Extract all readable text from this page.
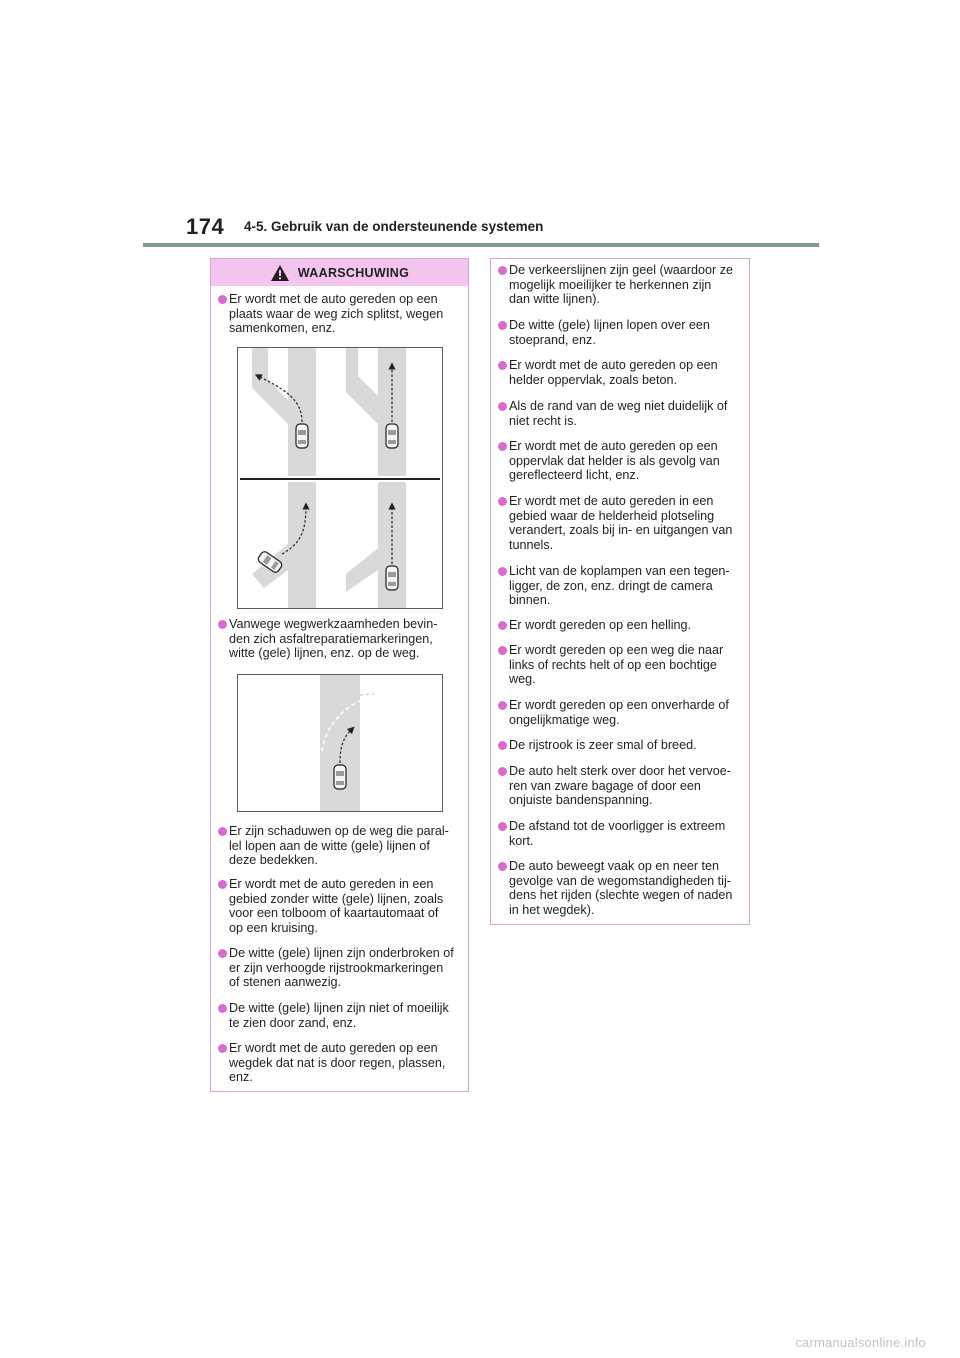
174 4-5. Gebruik van de ondersteunende systemen
WAARSCHUWING
Er wordt met de auto gereden op een
plaats waar de weg zich splitst, wegen
samenkomen, enz.
Vanwege wegwerkzaamheden bevin-
den zich asfaltreparatiemarkeringen,
witte (gele) lijnen, enz. op de weg.
Er zijn schaduwen op de weg die paral-
lel lopen aan de witte (gele) lijnen of
deze bedekken.
Er wordt met de auto gereden in een
gebied zonder witte (gele) lijnen, zoals
voor een tolboom of kaartautomaat of
op een kruising.
De witte (gele) lijnen zijn onderbroken of
er zijn verhoogde rijstrookmarkeringen
of stenen aanwezig.
De witte (gele) lijnen zijn niet of moeilijk
te zien door zand, enz.
Er wordt met de auto gereden op een
wegdek dat nat is door regen, plassen,
enz.
De verkeerslijnen zijn geel (waardoor ze
mogelijk moeilijker te herkennen zijn
dan witte lijnen).
De witte (gele) lijnen lopen over een
stoeprand, enz.
Er wordt met de auto gereden op een
helder oppervlak, zoals beton.
Als de rand van de weg niet duidelijk of
niet recht is.
Er wordt met de auto gereden op een
oppervlak dat helder is als gevolg van
gereflecteerd licht, enz.
Er wordt met de auto gereden in een
gebied waar de helderheid plotseling
verandert, zoals bij in- en uitgangen van
tunnels.
Licht van de koplampen van een tegen-
ligger, de zon, enz. dringt de camera
binnen.
Er wordt gereden op een helling.
Er wordt gereden op een weg die naar
links of rechts helt of op een bochtige
weg.
Er wordt gereden op een onverharde of
ongelijkmatige weg.
De rijstrook is zeer smal of breed.
De auto helt sterk over door het vervoe-
ren van zware bagage of door een
onjuiste bandenspanning.
De afstand tot de voorligger is extreem
kort.
De auto beweegt vaak op en neer ten
gevolge van de wegomstandigheden tij-
dens het rijden (slechte wegen of naden
in het wegdek).
carmanualsonline.info
